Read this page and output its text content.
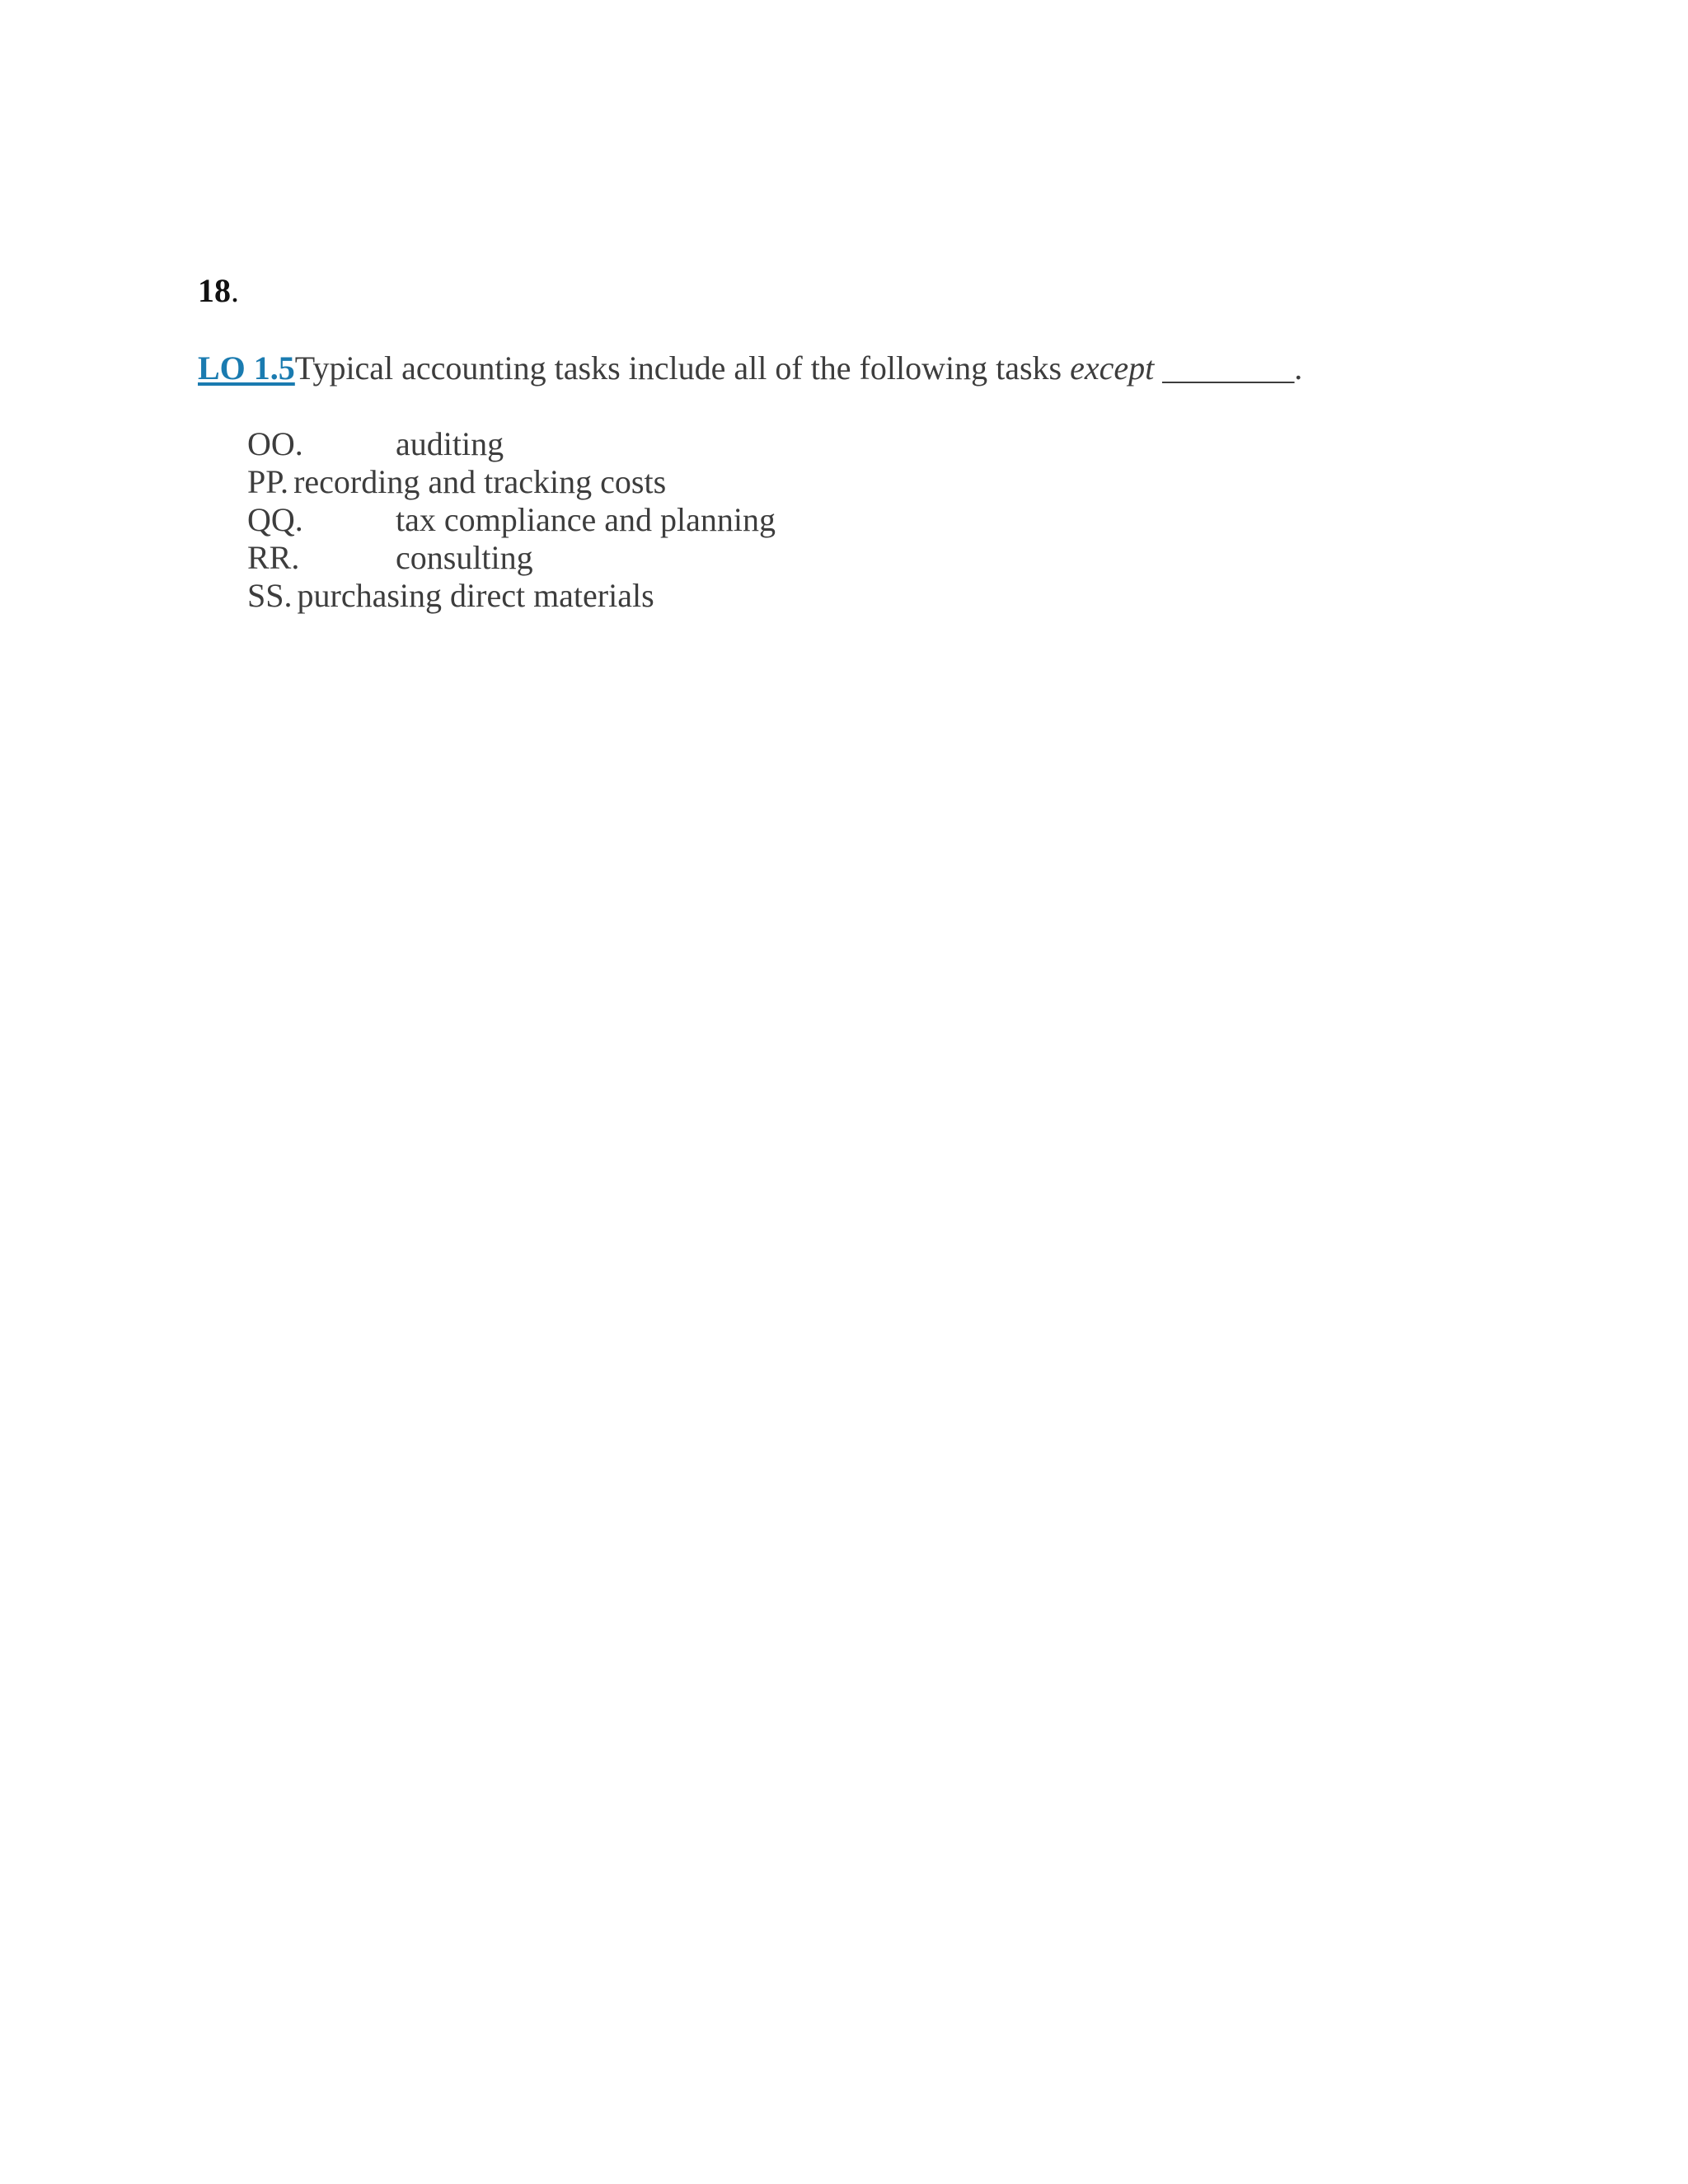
18.
LO 1.5Typical accounting tasks include all of the following tasks except ________.
OO.	auditing
PP. recording and tracking costs
QQ.	tax compliance and planning
RR.	consulting
SS. purchasing direct materials
